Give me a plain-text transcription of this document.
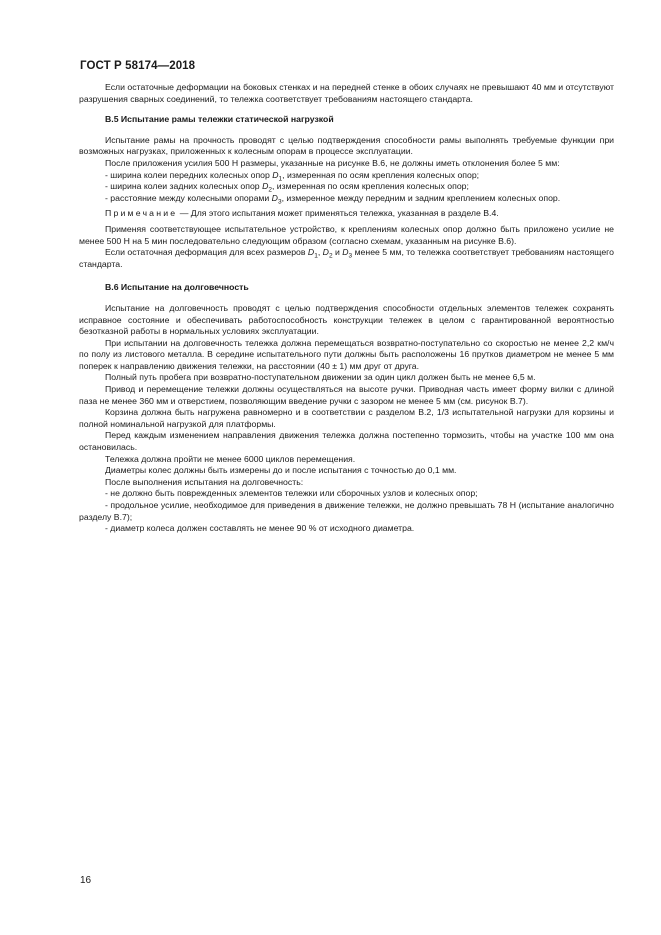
ГОСТ Р 58174—2018

Если остаточные деформации на боковых стенках и на передней стенке в обоих случаях не превышают 40 мм и отсутствуют разрушения сварных соединений, то тележка соответствует требованиям настоящего стандарта.

В.5 Испытание рамы тележки статической нагрузкой

Испытание рамы на прочность проводят с целью подтверждения способности рамы выполнять требуемые функции при возможных нагрузках, приложенных к колесным опорам в процессе эксплуатации.

После приложения усилия 500 Н размеры, указанные на рисунке В.6, не должны иметь отклонения более 5 мм:

- ширина колеи передних колесных опор $D_1$, измеренная по осям крепления колесных опор;

- ширина колеи задних колесных опор $D_2$, измеренная по осям крепления колесных опор;

- расстояние между колесными опорами $D_3$, измеренное между передним и задним креплением колесных опор.

Примечание — Для этого испытания может применяться тележка, указанная в разделе В.4.

Применяя соответствующее испытательное устройство, к креплениям колесных опор должно быть приложено усилие не менее 500 Н на 5 мин последовательно следующим образом (согласно схемам, указанным на рисунке В.6).

Если остаточная деформация для всех размеров $D_1$, $D_2$ и $D_3$ менее 5 мм, то тележка соответствует требованиям настоящего стандарта.

В.6 Испытание на долговечность

Испытание на долговечность проводят с целью подтверждения способности отдельных элементов тележек сохранять исправное состояние и обеспечивать работоспособность конструкции тележек в целом с гарантированной вероятностью безотказной работы в нормальных условиях эксплуатации.

При испытании на долговечность тележка должна перемещаться возвратно-поступательно со скоростью не менее 2,2 км/ч по полу из листового металла. В середине испытательного пути должны быть расположены 16 прутков диаметром не менее 5 мм поперек к направлению движения тележки, на расстоянии (40 ± 1) мм друг от друга.

Полный путь пробега при возвратно-поступательном движении за один цикл должен быть не менее 6,5 м.

Привод и перемещение тележки должны осуществляться на высоте ручки. Приводная часть имеет форму вилки с длиной паза не менее 360 мм и отверстием, позволяющим введение ручки с зазором не менее 5 мм (см. рисунок В.7).

Корзина должна быть нагружена равномерно и в соответствии с разделом В.2, 1/3 испытательной нагрузки для корзины и полной номинальной нагрузкой для платформы.

Перед каждым изменением направления движения тележка должна постепенно тормозить, чтобы на участке 100 мм она остановилась.

Тележка должна пройти не менее 6000 циклов перемещения.

Диаметры колес должны быть измерены до и после испытания с точностью до 0,1 мм.

После выполнения испытания на долговечность:

- не должно быть поврежденных элементов тележки или сборочных узлов и колесных опор;

- продольное усилие, необходимое для приведения в движение тележки, не должно превышать 78 Н (испытание аналогично разделу В.7);

- диаметр колеса должен составлять не менее 90 % от исходного диаметра.

16
